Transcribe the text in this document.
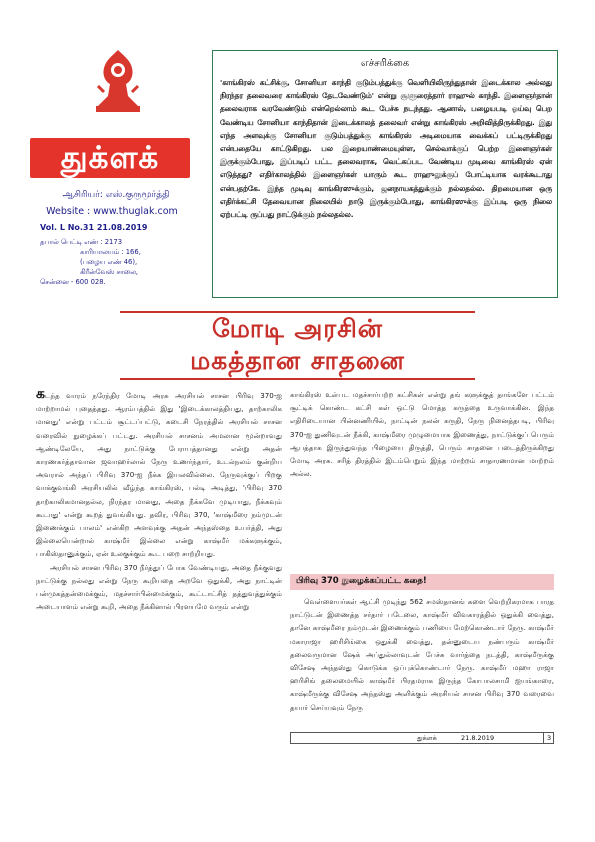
துக்ளக்
ஆசிரியர்: எஸ்.குருமூர்த்தி
Website : www.thuglak.com
Vol. L No.31 21.08.2019
தபால் பெட்டி எண் : 2173
காரியாலயம் : 166,
(பழைய எண் 46),
கிரீன்வேஸ் சாலை,
சென்னை - 600 028.
எச்சரிக்கை
'காங்கிரஸ் கட்சிக்கு, சோனியா காந்தி குடும்பத்துக்கு வெளியிலிருந்துதான் இடைக்கால அல்லது நிரந்தர தலைவரை காங்கிரஸ் தேடவேண்டும்' என்று சூளுரைத்தார் ராஹுல் காந்தி. இளைஞர்தான் தலைவராக வரவேண்டும் என்றெல்லாம் கூட பேச்சு நடந்தது. ஆனால், பழையபடி ஓய்வு பெற வேண்டிய சோனியா காந்திதான் இடைக்காலத் தலைவர் என்று காங்கிரஸ் அறிவித்திருக்கிறது. இது எந்த அளவுக்கு சோனியா குடும்பத்துக்கு காங்கிரஸ் அடிமையாக வைக்கப் பட்டிருக்கிறது என்பதையே காட்டுகிறது. பல இறையாண்மையுள்ள, செல்வாக்குப் பெற்ற இளைஞர்கள் இருக்கும்போது, இப்படிப் பட்ட தலைவராக, வெட்கப்பட வேண்டிய முடிவை காங்கிரஸ் ஏன் எடுத்தது? எதிர்காலத்தில் இளைஞர்கள் யாரும் கூட ராஹுலுக்குப் போட்டியாக வரக்கூடாது என்பதற்கே. இந்த முடிவு காங்கிரஸுக்கும், ஜனநாயகத்துக்கும் நல்லதல்ல. திறமையான ஒரு எதிர்க்கட்சி தேவையான நிலையில் நாடு இருக்கும்போது, காங்கிரஸுக்கு இப்படி ஒரு நிலை ஏற்பட்டி ருப்பது நாட்டுக்கும் நல்லதல்ல.
மோடி அரசின்
மகத்தான சாதனை

கடந்த வாரம் நரேந்திர மோடி அரசு அரசியல் சாசன பிரிவு 370-ஐ மாற்றாமல் புதைத்தது. ஆரம்பத்தில் இது 'இடைக்காலத்தியது, தாற்காலிக மானது' என்று பட்டம் சூட்டப்பட்டு, கடைசி நேரத்தில் அரசியல் சாசன வரைவில் நுழைக்கப் பட்டது. அரசியல் சாசனம் அமலான மூன்றாவது ஆண்டிலேயே, அது நாட்டுக்கு பேராபத்தானது என்று அதன் காரணகர்த்தாவான ஜவாஹர்லால் நேரு உணர்ந்தார், உடல்நலம் குன்றிய அவரால் அந்தப் பிரிவு 370-ஐ நீக்க இயலவில்லை. நேருவுக்குப் பிறகு வாக்குவங்கி அரசியலில் வீழ்ந்த காங்கிரஸ், பல்டி அடித்து, 'பிரிவு 370 தாற்காலிகமானதல்ல, நிரந்தர மானது, அதை நீக்கவே முடியாது, நீக்கவும் கூடாது' என்று கூறத் துவங்கியது. தவிர, பிரிவு 370, 'காஷ்மீரை நம்முடன் இணைக்கும் பாலம்' என்கிற அளவுக்கு அதன் அந்தஸ்தை உயர்த்தி, அது இல்லையென்றால் காஷ்மீர் இல்லை என்று காஷ்மீர் மக்களுக்கும், பாகிஸ்தானுக்கும், ஏன் உலகுக்கும் கூட பறை சாற்றியது.

அரசியல் சாசன பிரிவு 370 நீர்த்துப் போக வேண்டியது, அதை நீக்குவது நாட்டுக்கு நல்லது என்று நேரு கூறியதை அறவே ஒதுக்கி, அது நாட்டின் பன்முகத்தன்மைக்கும், மதச்சார்பின்மைக்கும், கூட்டாட்சித் தத்துவத்துக்கும் அடையாளம் என்று கூறி, அதை நீக்கினால் பிரளயமே வரும் என்று

காங்கிரஸ் உள்பட மதச்சார்பற்ற கட்சிகள் என்று தங் களுக்குத் தாங்களே பட்டம் சூட்டிக் கொண்ட கட்சி கள் ஒட்டு மொத்த கருத்தை உருவாக்கின. இந்த எதிரிடையான பின்னணியில், நாட்டின் நலன் கருதி, நேரு நினைத்தபடி, பிரிவு 370-ஐ துணிவுடன் நீக்கி, காஷ்மீரை முழுமையாக இணைத்து, நாட்டுக்குப் பெரும் ஆபத்தாக இருந்துவந்த பிழையை திருத்தி, பெரும் சாதனை படைத்திருக்கிறது மோடி அரசு. சரித் திரத்தில் இடம்பெறும் இந்த மாற்றம் சாதாரணமான மாற்றம் அல்ல.

பிரிவு 370 நுழைக்கப்பட்ட கதை!

வெள்ளையர்கள் ஆட்சி முடிந்து 562 சமஸ்தானங் களை வெற்றிகரமாக பாரத நாட்டுடன் இணைத்த சர்தார் படேலை, காஷ்மீர் விவகாரத்தில் ஒதுக்கி வைத்து, தானே காஷ்மீரை நம்முடன் இணைக்கும் பணியை மேற்கொண்டார் நேரு. காஷ்மீர் மகாராஜா ஹரிசிங்கை ஒதுக்கி வைத்து, தன்னுடைய நண்பரும் காஷ்மீர் தலைவருமான ஷேக் அப்துல்லாவுடன் பேச்சு வார்த்தை நடத்தி, காஷ்மீருக்கு விசேஷ அந்தஸ்து கொடுக்க ஒப்புக்கொண்டார் நேரு. காஷ்மீர் மஹா ராஜா ஹரிசிங் தலைமையில் காஷ்மீர் பிரதமராக இருந்த கோபாலசாமி ஐயங்காரை, காஷ்மீருக்கு விசேஷ அந்தஸ்து அளிக்கும் அரசியல் சாசன பிரிவு 370 வரைவை தயார் செய்யவும் நேரு

துக்ளக்	21.8.2019	3
